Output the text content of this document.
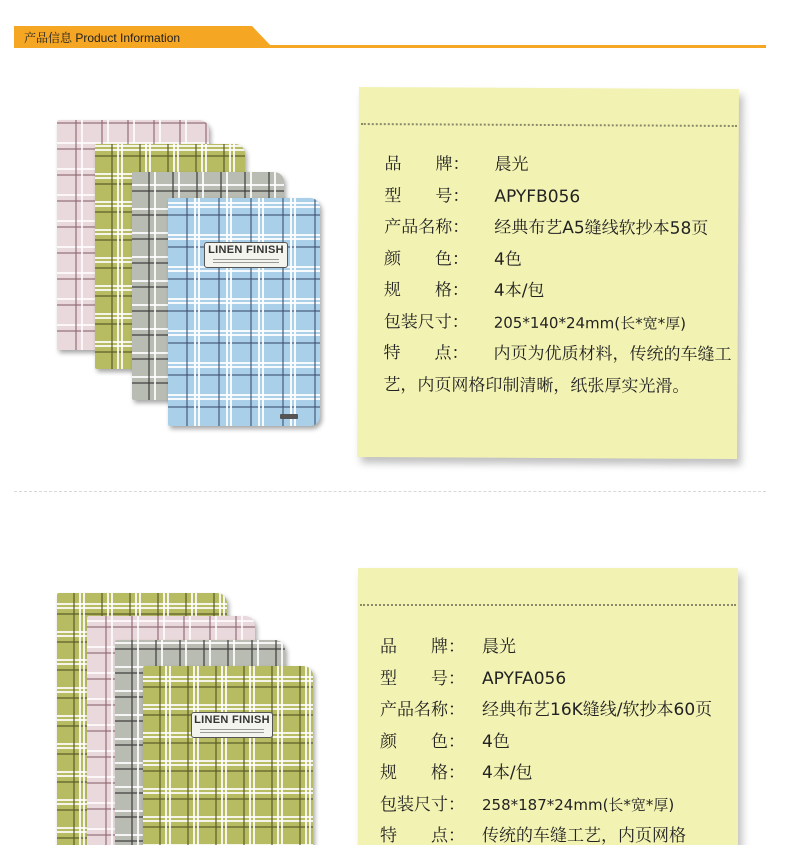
产品信息 Product Information
LINEN FINISH
品　　牌： 晨光
型　　号： APYFB056
产品名称： 经典布艺A5缝线软抄本58页
颜　　色： 4色
规　　格： 4本/包
包装尺寸： 205*140*24mm(长*宽*厚)
特　　点： 内页为优质材料，传统的车缝工艺，内页网格印制清晰，纸张厚实光滑。
LINEN FINISH
品　　牌： 晨光
型　　号： APYFA056
产品名称： 经典布艺16K缝线/软抄本60页
颜　　色： 4色
规　　格： 4本/包
包装尺寸： 258*187*24mm(长*宽*厚)
特　　点： 传统的车缝工艺，内页网格
